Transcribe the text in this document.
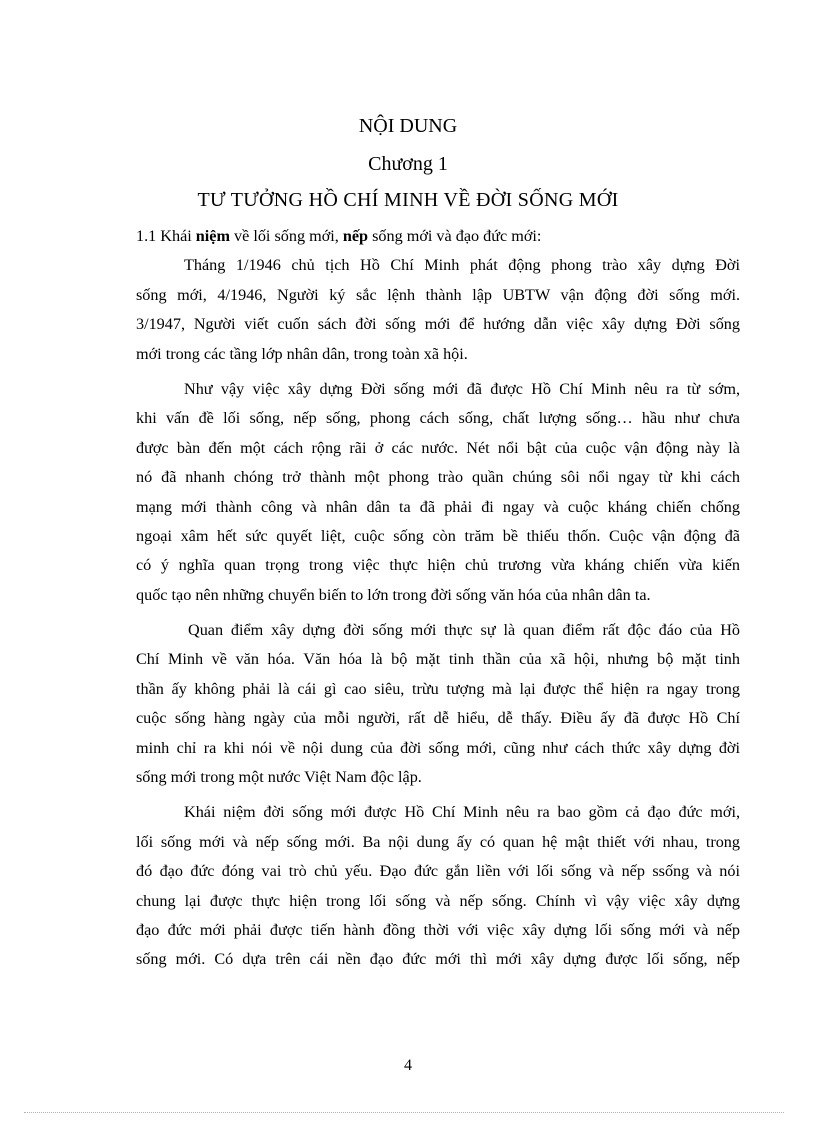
NỘI DUNG
Chương 1
TƯ TƯỞNG HỒ CHÍ MINH VỀ ĐỜI SỐNG MỚI
1.1 Khái niệm về lối sống mới, nếp sống mới và đạo đức mới:
Tháng 1/1946 chủ tịch Hồ Chí Minh phát động phong trào xây dựng Đời
sống mới, 4/1946, Người ký sắc lệnh thành lập UBTW vận động đời sống mới.
3/1947, Người viết cuốn sách đời sống mới để hướng dẫn việc xây dựng Đời sống
mới trong các tầng lớp nhân dân, trong toàn xã hội.
Như vậy việc xây dựng Đời sống mới đã được Hồ Chí Minh nêu ra từ sớm,
khi vấn đề lối sống, nếp sống, phong cách sống, chất lượng sống… hầu như chưa
được bàn đến một cách rộng rãi ở các nước. Nét nổi bật của cuộc vận động này là
nó đã nhanh chóng trở thành một phong trào quần chúng sôi nổi ngay từ khi cách
mạng mới thành công và nhân dân ta đã phải đi ngay và cuộc kháng chiến chống
ngoại xâm hết sức quyết liệt, cuộc sống còn trăm bề thiếu thốn. Cuộc vận động đã
có ý nghĩa quan trọng trong việc thực hiện chủ trương vừa kháng chiến vừa kiến
quốc tạo nên những chuyển biến to lớn trong đời sống văn hóa của nhân dân ta.
Quan điểm xây dựng đời sống mới thực sự là quan điểm rất độc đáo của Hồ
Chí Minh về văn hóa. Văn hóa là bộ mặt tinh thần của xã hội, nhưng bộ mặt tinh
thần ấy không phải là cái gì cao siêu, trừu tượng mà lại được thể hiện ra ngay trong
cuộc sống hàng ngày của mỗi người, rất dễ hiểu, dễ thấy. Điều ấy đã được Hồ Chí
minh chỉ ra khi nói về nội dung của đời sống mới, cũng như cách thức xây dựng đời
sống mới trong một nước Việt Nam độc lập.
Khái niệm đời sống mới được Hồ Chí Minh nêu ra bao gồm cả đạo đức mới,
lối sống mới và nếp sống mới. Ba nội dung ấy có quan hệ mật thiết với nhau, trong
đó đạo đức đóng vai trò chủ yếu. Đạo đức gắn liền với lối sống và nếp ssống và nói
chung lại được thực hiện trong lối sống và nếp sống. Chính vì vậy việc xây dựng
đạo đức mới phải được tiến hành đồng thời với việc xây dựng lối sống mới và nếp
sống mới. Có dựa trên cái nền đạo đức mới thì mới xây dựng được lối sống, nếp
4
